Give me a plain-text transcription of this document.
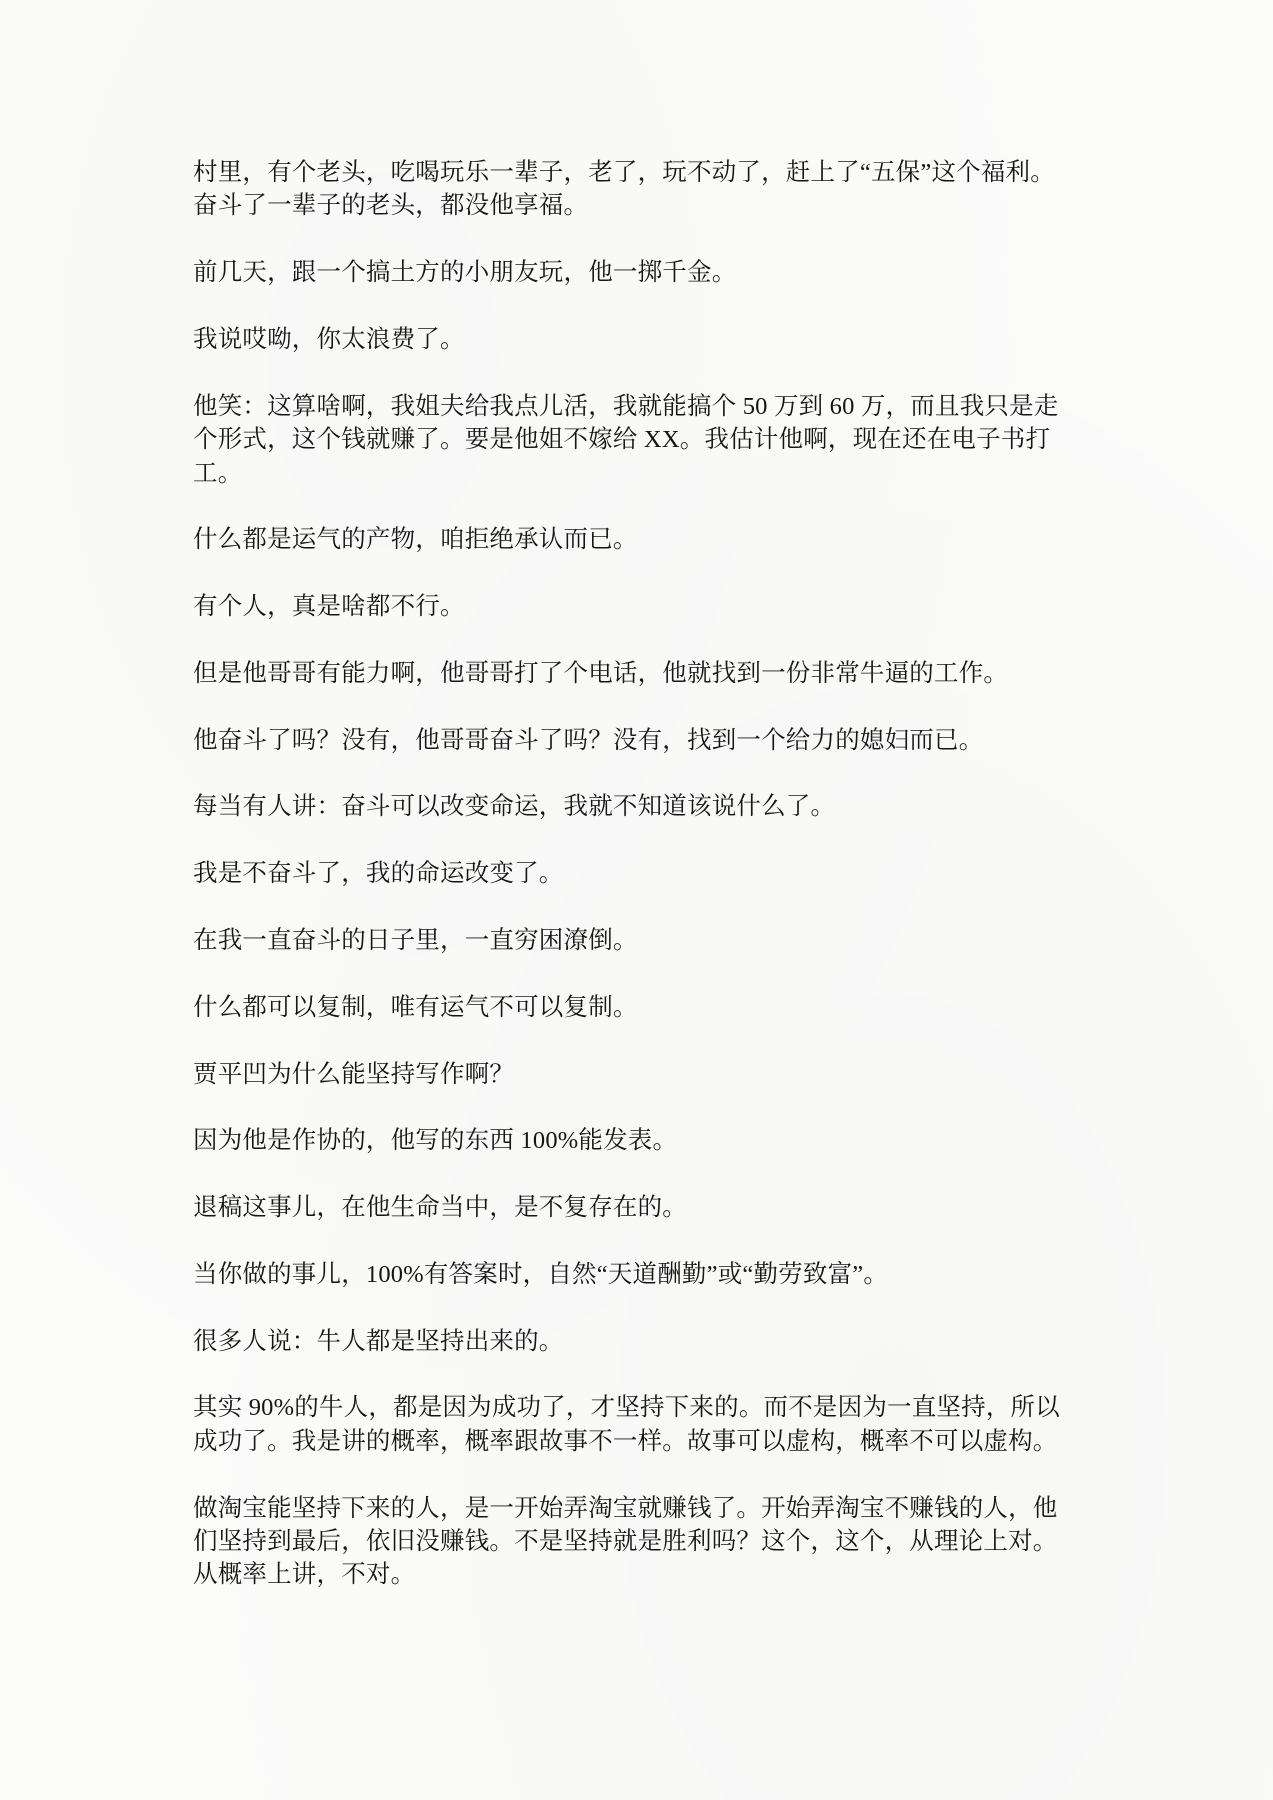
村里，有个老头，吃喝玩乐一辈子，老了，玩不动了，赶上了“五保”这个福利。
奋斗了一辈子的老头，都没他享福。
前几天，跟一个搞土方的小朋友玩，他一掷千金。
我说哎呦，你太浪费了。
他笑：这算啥啊，我姐夫给我点儿活，我就能搞个 50 万到 60 万，而且我只是走
个形式，这个钱就赚了。要是他姐不嫁给 XX。我估计他啊，现在还在电子书打
工。
什么都是运气的产物，咱拒绝承认而已。
有个人，真是啥都不行。
但是他哥哥有能力啊，他哥哥打了个电话，他就找到一份非常牛逼的工作。
他奋斗了吗？没有，他哥哥奋斗了吗？没有，找到一个给力的媳妇而已。
每当有人讲：奋斗可以改变命运，我就不知道该说什么了。
我是不奋斗了，我的命运改变了。
在我一直奋斗的日子里，一直穷困潦倒。
什么都可以复制，唯有运气不可以复制。
贾平凹为什么能坚持写作啊？
因为他是作协的，他写的东西 100%能发表。
退稿这事儿，在他生命当中，是不复存在的。
当你做的事儿，100%有答案时，自然“天道酬勤”或“勤劳致富”。
很多人说：牛人都是坚持出来的。
其实 90%的牛人，都是因为成功了，才坚持下来的。而不是因为一直坚持，所以
成功了。我是讲的概率，概率跟故事不一样。故事可以虚构，概率不可以虚构。
做淘宝能坚持下来的人，是一开始弄淘宝就赚钱了。开始弄淘宝不赚钱的人，他
们坚持到最后，依旧没赚钱。不是坚持就是胜利吗？这个，这个，从理论上对。
从概率上讲，不对。
